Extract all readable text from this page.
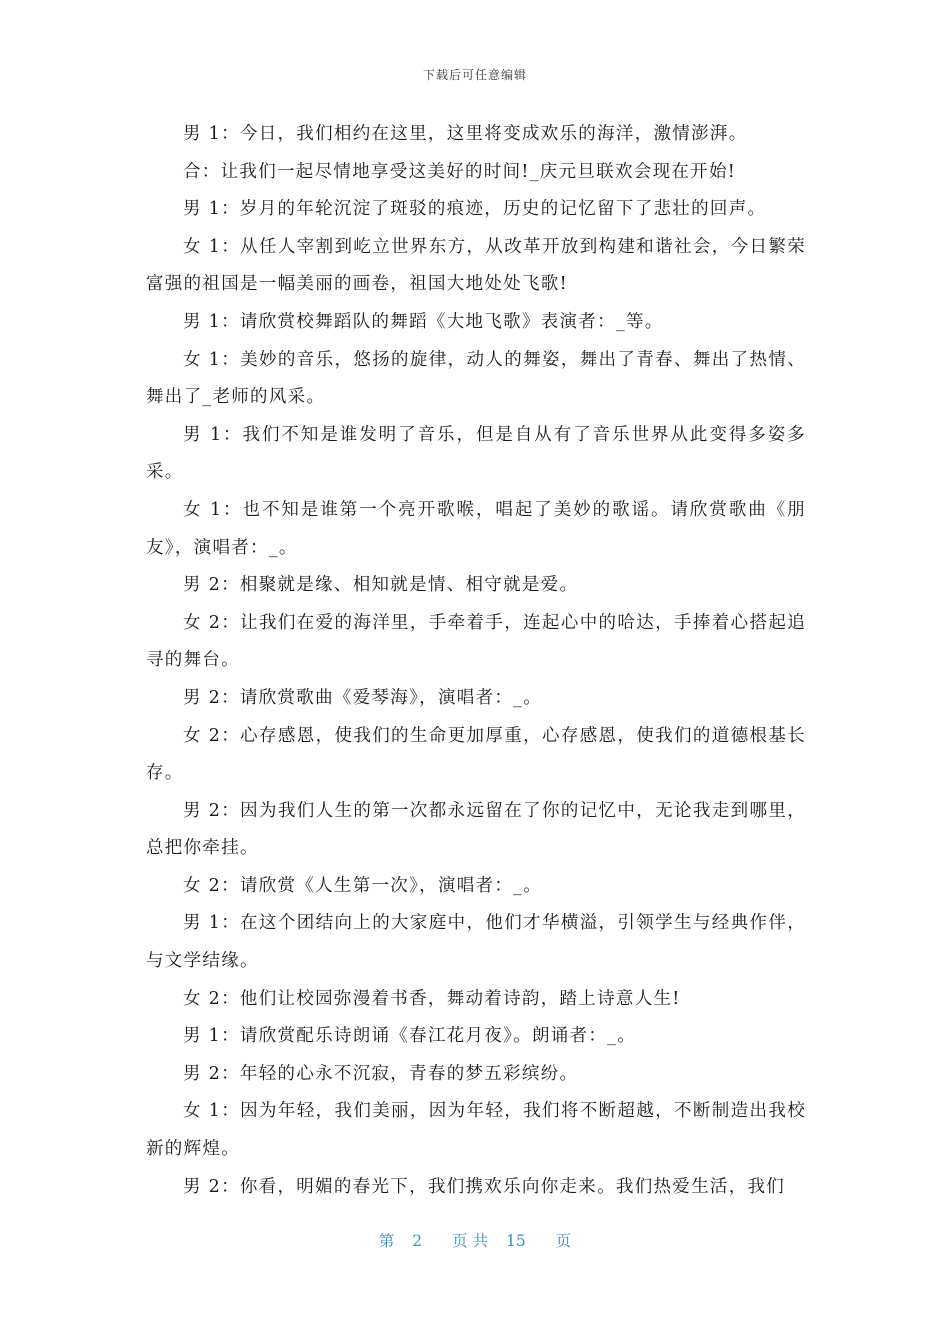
下载后可任意编辑

男 1：今日，我们相约在这里，这里将变成欢乐的海洋，激情澎湃。

合：让我们一起尽情地享受这美好的时间!_庆元旦联欢会现在开始!

男 1：岁月的年轮沉淀了斑驳的痕迹，历史的记忆留下了悲壮的回声。

女 1：从任人宰割到屹立世界东方，从改革开放到构建和谐社会，今日繁荣富强的祖国是一幅美丽的画卷，祖国大地处处飞歌!

男 1：请欣赏校舞蹈队的舞蹈《大地飞歌》表演者：_等。

女 1：美妙的音乐，悠扬的旋律，动人的舞姿，舞出了青春、舞出了热情、舞出了_老师的风采。

男 1：我们不知是谁发明了音乐，但是自从有了音乐世界从此变得多姿多采。

女 1：也不知是谁第一个亮开歌喉，唱起了美妙的歌谣。请欣赏歌曲《朋友》，演唱者：_。

男 2：相聚就是缘、相知就是情、相守就是爱。

女 2：让我们在爱的海洋里，手牵着手，连起心中的哈达，手捧着心搭起追寻的舞台。

男 2：请欣赏歌曲《爱琴海》，演唱者：_。

女 2：心存感恩，使我们的生命更加厚重，心存感恩，使我们的道德根基长存。

男 2：因为我们人生的第一次都永远留在了你的记忆中，无论我走到哪里，总把你牵挂。

女 2：请欣赏《人生第一次》，演唱者：_。

男 1：在这个团结向上的大家庭中，他们才华横溢，引领学生与经典作伴，与文学结缘。

女 2：他们让校园弥漫着书香，舞动着诗韵，踏上诗意人生!

男 1：请欣赏配乐诗朗诵《春江花月夜》。朗诵者：_。

男 2：年轻的心永不沉寂，青春的梦五彩缤纷。

女 1：因为年轻，我们美丽，因为年轻，我们将不断超越，不断制造出我校新的辉煌。

男 2：你看，明媚的春光下，我们携欢乐向你走来。我们热爱生活，我们

第 2 页 共 15 页
